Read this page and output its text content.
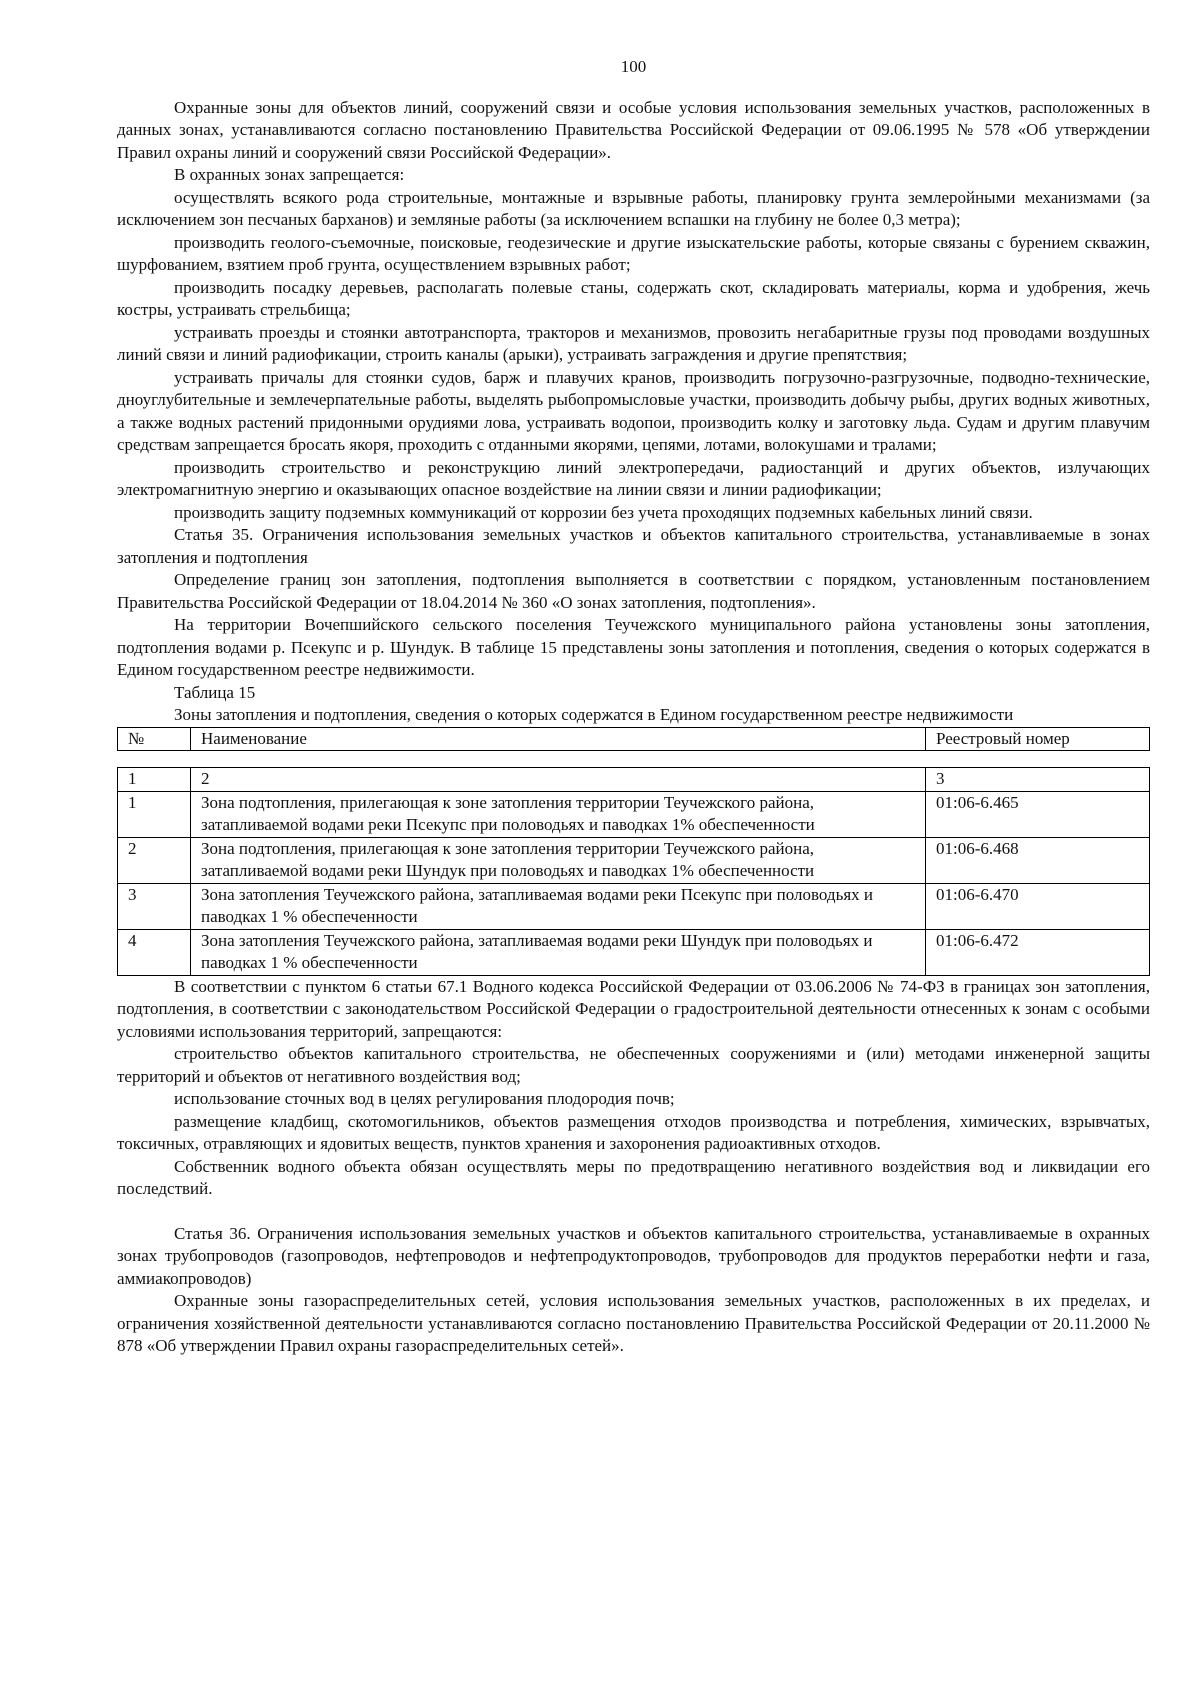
100

Охранные зоны для объектов линий, сооружений связи и особые условия использования земельных участков, расположенных в данных зонах, устанавливаются согласно постановлению Правительства Российской Федерации от 09.06.1995 № 578 «Об утверждении Правил охраны линий и сооружений связи Российской Федерации».

В охранных зонах запрещается:

осуществлять всякого рода строительные, монтажные и взрывные работы, планировку грунта землеройными механизмами (за исключением зон песчаных барханов) и земляные работы (за исключением вспашки на глубину не более 0,3 метра);

производить геолого-съемочные, поисковые, геодезические и другие изыскательские работы, которые связаны с бурением скважин, шурфованием, взятием проб грунта, осуществлением взрывных работ;

производить посадку деревьев, располагать полевые станы, содержать скот, складировать материалы, корма и удобрения, жечь костры, устраивать стрельбища;

устраивать проезды и стоянки автотранспорта, тракторов и механизмов, провозить негабаритные грузы под проводами воздушных линий связи и линий радиофикации, строить каналы (арыки), устраивать заграждения и другие препятствия;

устраивать причалы для стоянки судов, барж и плавучих кранов, производить погрузочно-разгрузочные, подводно-технические, дноуглубительные и землечерпательные работы, выделять рыбопромысловые участки, производить добычу рыбы, других водных животных, а также водных растений придонными орудиями лова, устраивать водопои, производить колку и заготовку льда. Судам и другим плавучим средствам запрещается бросать якоря, проходить с отданными якорями, цепями, лотами, волокушами и тралами;

производить строительство и реконструкцию линий электропередачи, радиостанций и других объектов, излучающих электромагнитную энергию и оказывающих опасное воздействие на линии связи и линии радиофикации;

производить защиту подземных коммуникаций от коррозии без учета проходящих подземных кабельных линий связи.

Статья 35. Ограничения использования земельных участков и объектов капитального строительства, устанавливаемые в зонах затопления и подтопления

Определение границ зон затопления, подтопления выполняется в соответствии с порядком, установленным постановлением Правительства Российской Федерации от 18.04.2014 № 360 «О зонах затопления, подтопления».

На территории Вочепшийского сельского поселения Теучежского муниципального района установлены зоны затопления, подтопления водами р. Псекупс и р. Шундук. В таблице 15 представлены зоны затопления и потопления, сведения о которых содержатся в Едином государственном реестре недвижимости.

Таблица 15

Зоны затопления и подтопления, сведения о которых содержатся в Едином государственном реестре недвижимости

№	Наименование	Реестровый номер
1	2	3
1	Зона подтопления, прилегающая к зоне затопления территории Теучежского района, затапливаемой водами реки Псекупс при половодьях и паводках 1% обеспеченности	01:06-6.465
2	Зона подтопления, прилегающая к зоне затопления территории Теучежского района, затапливаемой водами реки Шундук при половодьях и паводках 1% обеспеченности	01:06-6.468
3	Зона затопления Теучежского района, затапливаемая водами реки Псекупс при половодьях и паводках 1 % обеспеченности	01:06-6.470
4	Зона затопления Теучежского района, затапливаемая водами реки Шундук при половодьях и паводках 1 % обеспеченности	01:06-6.472

В соответствии с пунктом 6 статьи 67.1 Водного кодекса Российской Федерации от 03.06.2006 № 74-ФЗ в границах зон затопления, подтопления, в соответствии с законодательством Российской Федерации о градостроительной деятельности отнесенных к зонам с особыми условиями использования территорий, запрещаются:

строительство объектов капитального строительства, не обеспеченных сооружениями и (или) методами инженерной защиты территорий и объектов от негативного воздействия вод;

использование сточных вод в целях регулирования плодородия почв;

размещение кладбищ, скотомогильников, объектов размещения отходов производства и потребления, химических, взрывчатых, токсичных, отравляющих и ядовитых веществ, пунктов хранения и захоронения радиоактивных отходов.

Собственник водного объекта обязан осуществлять меры по предотвращению негативного воздействия вод и ликвидации его последствий.

Статья 36. Ограничения использования земельных участков и объектов капитального строительства, устанавливаемые в охранных зонах трубопроводов (газопроводов, нефтепроводов и нефтепродуктопроводов, трубопроводов для продуктов переработки нефти и газа, аммиакопроводов)

Охранные зоны газораспределительных сетей, условия использования земельных участков, расположенных в их пределах, и ограничения хозяйственной деятельности устанавливаются согласно постановлению Правительства Российской Федерации от 20.11.2000 № 878 «Об утверждении Правил охраны газораспределительных сетей».
